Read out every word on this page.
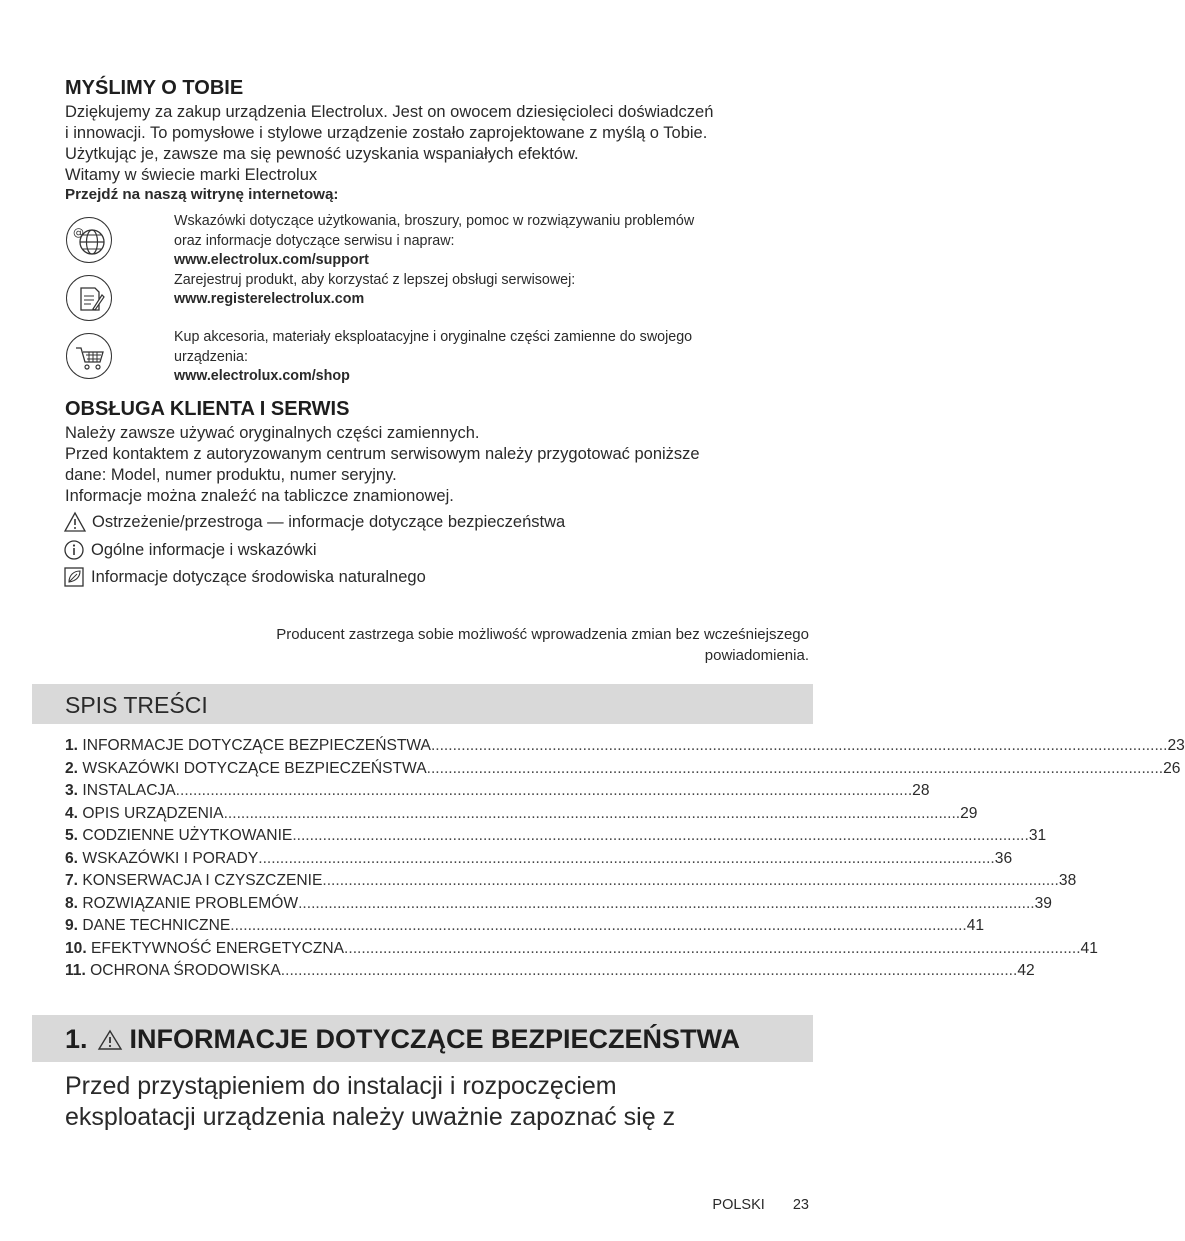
MYŚLIMY O TOBIE
Dziękujemy za zakup urządzenia Electrolux. Jest on owocem dziesięcioleci doświadczeń
i innowacji. To pomysłowe i stylowe urządzenie zostało zaprojektowane z myślą o Tobie.
Użytkując je, zawsze ma się pewność uzyskania wspaniałych efektów.
Witamy w świecie marki Electrolux
Przejdź na naszą witrynę internetową:
@
Wskazówki dotyczące użytkowania, broszury, pomoc w rozwiązywaniu problemów
oraz informacje dotyczące serwisu i napraw:
www.electrolux.com/support
Zarejestruj produkt, aby korzystać z lepszej obsługi serwisowej:
www.registerelectrolux.com
Kup akcesoria, materiały eksploatacyjne i oryginalne części zamienne do swojego
urządzenia:
www.electrolux.com/shop
OBSŁUGA KLIENTA I SERWIS
Należy zawsze używać oryginalnych części zamiennych.
Przed kontaktem z autoryzowanym centrum serwisowym należy przygotować poniższe
dane: Model, numer produktu, numer seryjny.
Informacje można znaleźć na tabliczce znamionowej.
Ostrzeżenie/przestroga — informacje dotyczące bezpieczeństwa
Ogólne informacje i wskazówki
Informacje dotyczące środowiska naturalnego
Producent zastrzega sobie możliwość wprowadzenia zmian bez wcześniejszego
powiadomienia.
SPIS TREŚCI
1. INFORMACJE DOTYCZĄCE BEZPIECZEŃSTWA .......................................................................................................................................................................... 23
2. WSKAZÓWKI DOTYCZĄCE BEZPIECZEŃSTWA .......................................................................................................................................................................... 26
3. INSTALACJA .......................................................................................................................................................................... 28
4. OPIS URZĄDZENIA .......................................................................................................................................................................... 29
5. CODZIENNE UŻYTKOWANIE .......................................................................................................................................................................... 31
6. WSKAZÓWKI I PORADY .......................................................................................................................................................................... 36
7. KONSERWACJA I CZYSZCZENIE .......................................................................................................................................................................... 38
8. ROZWIĄZANIE PROBLEMÓW .......................................................................................................................................................................... 39
9. DANE TECHNICZNE .......................................................................................................................................................................... 41
10. EFEKTYWNOŚĆ ENERGETYCZNA .......................................................................................................................................................................... 41
11. OCHRONA ŚRODOWISKA .......................................................................................................................................................................... 42
1. INFORMACJE DOTYCZĄCE BEZPIECZEŃSTWA
Przed przystąpieniem do instalacji i rozpoczęciem
eksploatacji urządzenia należy uważnie zapoznać się z
POLSKI 23
